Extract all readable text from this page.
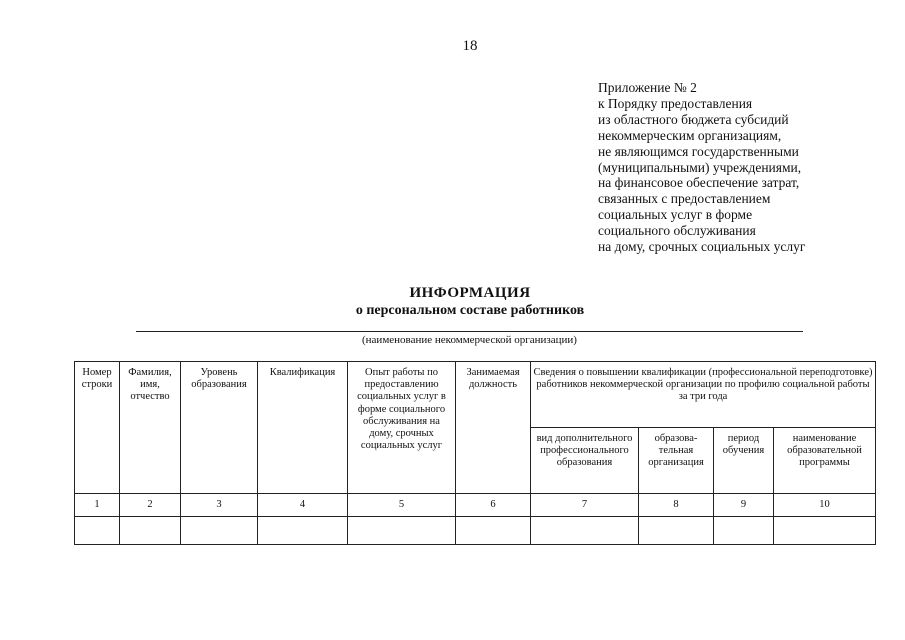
18
Приложение № 2
к Порядку предоставления
из областного бюджета субсидий
некоммерческим организациям,
не являющимся государственными
(муниципальными) учреждениями,
на финансовое обеспечение затрат,
связанных с предоставлением
социальных услуг в форме
социального обслуживания
на дому, срочных социальных услуг
ИНФОРМАЦИЯ
о персональном составе работников
(наименование некоммерческой организации)
Номер строки	Фамилия, имя, отчество	Уровень образования	Квалификация	Опыт работы по предоставлению социальных услуг в форме социального обслуживания на дому, срочных социальных услуг	Занимаемая должность	Сведения о повышении квалификации (профессиональной переподготовке) работников некоммерческой организации по профилю социальной работы за три года			
						вид дополнительного профессионального образования	образова-тельная организация	период обучения	наименование образовательной программы
1	2	3	4	5	6	7	8	9	10
